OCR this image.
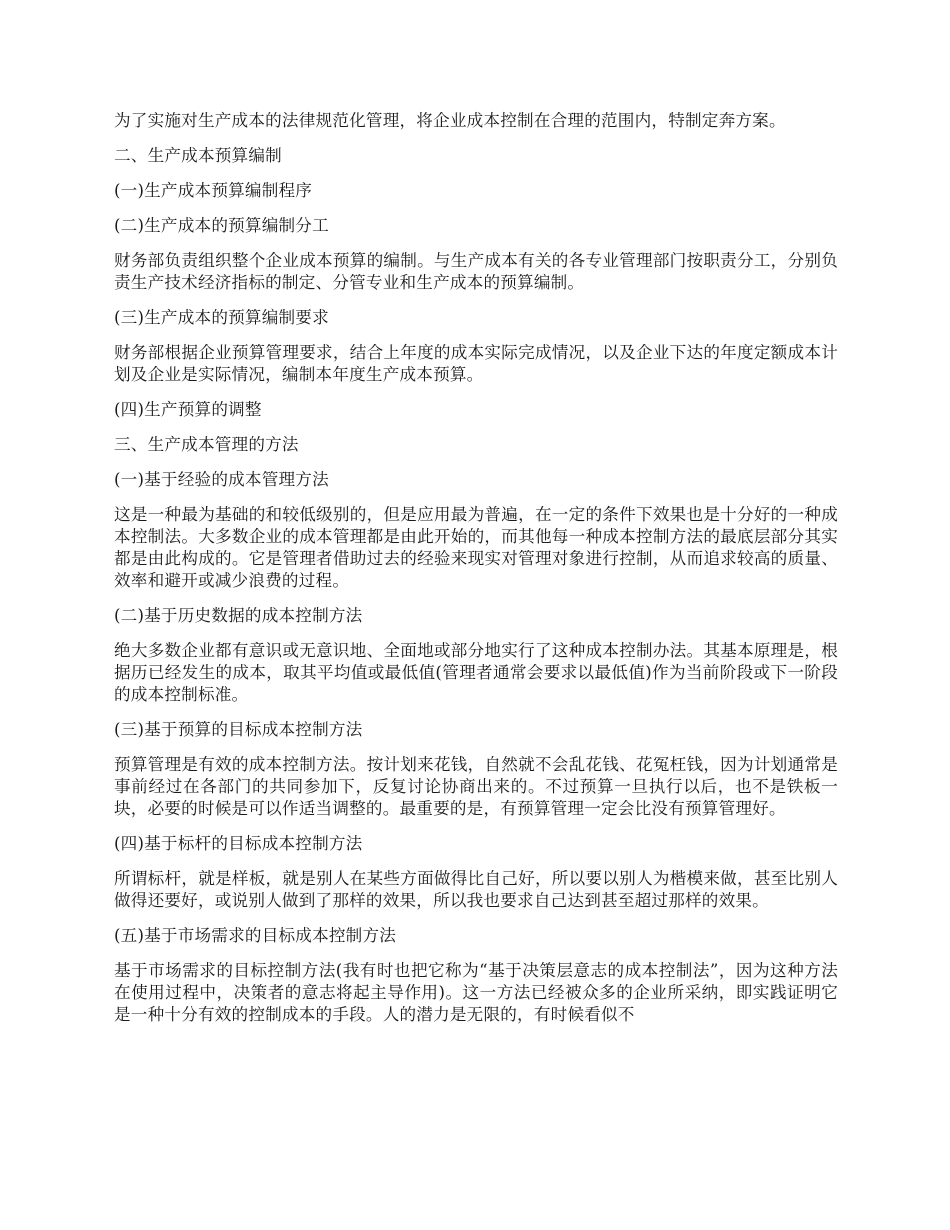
为了实施对生产成本的法律规范化管理，将企业成本控制在合理的范围内，特制定奔方案。

二、生产成本预算编制

(一)生产成本预算编制程序

(二)生产成本的预算编制分工

财务部负责组织整个企业成本预算的编制。与生产成本有关的各专业管理部门按职责分工，分别负责生产技术经济指标的制定、分管专业和生产成本的预算编制。

(三)生产成本的预算编制要求

财务部根据企业预算管理要求，结合上年度的成本实际完成情况，以及企业下达的年度定额成本计划及企业是实际情况，编制本年度生产成本预算。

(四)生产预算的调整

三、生产成本管理的方法

(一)基于经验的成本管理方法

这是一种最为基础的和较低级别的，但是应用最为普遍，在一定的条件下效果也是十分好的一种成本控制法。大多数企业的成本管理都是由此开始的，而其他每一种成本控制方法的最底层部分其实都是由此构成的。它是管理者借助过去的经验来现实对管理对象进行控制，从而追求较高的质量、效率和避开或减少浪费的过程。

(二)基于历史数据的成本控制方法

绝大多数企业都有意识或无意识地、全面地或部分地实行了这种成本控制办法。其基本原理是，根据历已经发生的成本，取其平均值或最低值(管理者通常会要求以最低值)作为当前阶段或下一阶段的成本控制标准。

(三)基于预算的目标成本控制方法

预算管理是有效的成本控制方法。按计划来花钱，自然就不会乱花钱、花冤枉钱，因为计划通常是事前经过在各部门的共同参加下，反复讨论协商出来的。不过预算一旦执行以后，也不是铁板一块，必要的时候是可以作适当调整的。最重要的是，有预算管理一定会比没有预算管理好。

(四)基于标杆的目标成本控制方法

所谓标杆，就是样板，就是别人在某些方面做得比自己好，所以要以别人为楷模来做，甚至比别人做得还要好，或说别人做到了那样的效果，所以我也要求自己达到甚至超过那样的效果。

(五)基于市场需求的目标成本控制方法

基于市场需求的目标控制方法(我有时也把它称为“基于决策层意志的成本控制法”，因为这种方法在使用过程中，决策者的意志将起主导作用)。这一方法已经被众多的企业所采纳，即实践证明它是一种十分有效的控制成本的手段。人的潜力是无限的，有时候看似不
